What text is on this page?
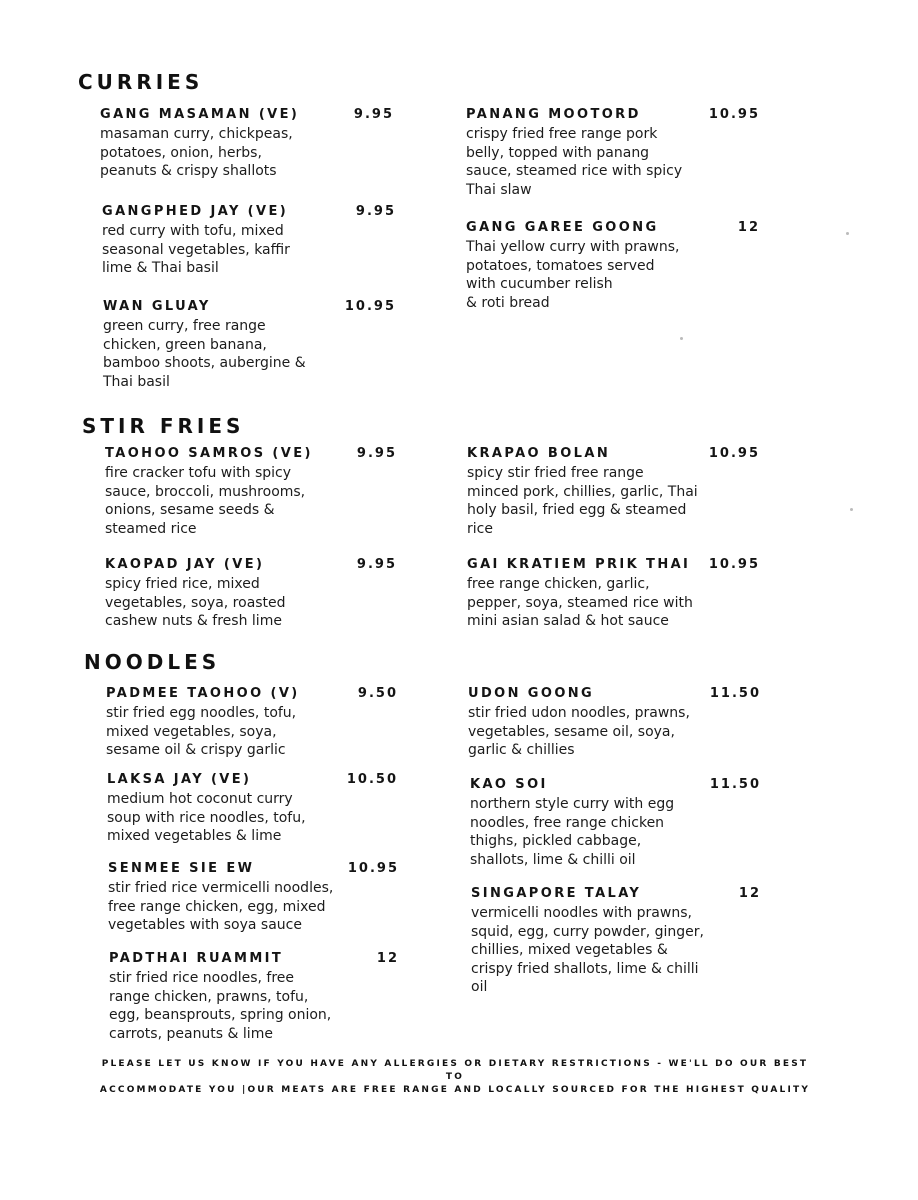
CURRIES
GANG MASAMAN (VE)	9.95
masaman curry, chickpeas,
potatoes, onion, herbs,
peanuts & crispy shallots
GANGPHED JAY (VE)	9.95
red curry with tofu, mixed
seasonal vegetables, kaffir
lime & Thai basil
WAN GLUAY	10.95
green curry, free range
chicken, green banana,
bamboo shoots, aubergine &
Thai basil
PANANG MOOTORD	10.95
crispy fried free range pork
belly, topped with panang
sauce, steamed rice with spicy
Thai slaw
GANG GAREE GOONG	12
Thai yellow curry with prawns,
potatoes, tomatoes served
with cucumber relish
& roti bread
STIR FRIES
TAOHOO SAMROS (VE)	9.95
fire cracker tofu with spicy
sauce, broccoli, mushrooms,
onions, sesame seeds &
steamed rice
KAOPAD JAY (VE)	9.95
spicy fried rice, mixed
vegetables, soya, roasted
cashew nuts & fresh lime
KRAPAO BOLAN	10.95
spicy stir fried free range
minced pork, chillies, garlic, Thai
holy basil, fried egg & steamed
rice
GAI KRATIEM PRIK THAI 10.95
free range chicken, garlic,
pepper, soya, steamed rice with
mini asian salad & hot sauce
NOODLES
PADMEE TAOHOO (V)	9.50
stir fried egg noodles, tofu,
mixed vegetables, soya,
sesame oil & crispy garlic
LAKSA JAY (VE)	10.50
medium hot coconut curry
soup with rice noodles, tofu,
mixed vegetables & lime
SENMEE SIE EW	10.95
stir fried rice vermicelli noodles,
free range chicken, egg, mixed
vegetables with soya sauce
PADTHAI RUAMMIT	12
stir fried rice noodles, free
range chicken, prawns, tofu,
egg, beansprouts, spring onion,
carrots, peanuts & lime
UDON GOONG	11.50
stir fried udon noodles, prawns,
vegetables, sesame oil, soya,
garlic & chillies
KAO SOI	11.50
northern style curry with egg
noodles, free range chicken
thighs, pickled cabbage,
shallots, lime & chilli oil
SINGAPORE TALAY	12
vermicelli noodles with prawns,
squid, egg, curry powder, ginger,
chillies, mixed vegetables &
crispy fried shallots, lime & chilli
oil
PLEASE LET US KNOW IF YOU HAVE ANY ALLERGIES OR DIETARY RESTRICTIONS - WE'LL DO OUR BEST TO
ACCOMMODATE YOU |OUR MEATS ARE FREE RANGE AND LOCALLY SOURCED FOR THE HIGHEST QUALITY
